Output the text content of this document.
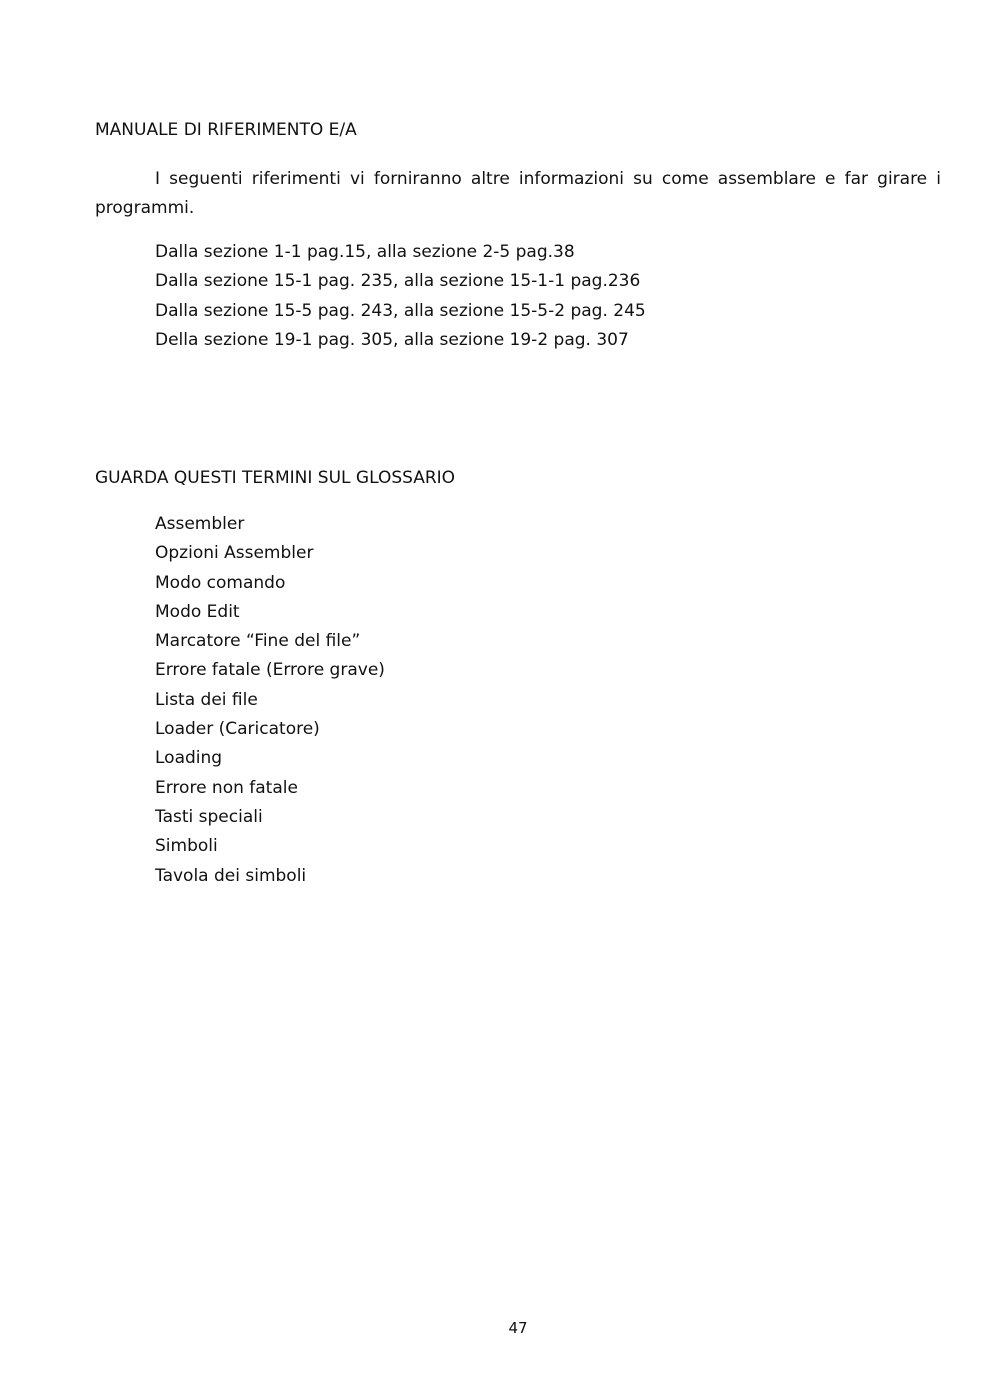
MANUALE DI RIFERIMENTO E/A

I seguenti riferimenti vi forniranno altre informazioni su come assemblare e far girare i programmi.

Dalla sezione 1-1 pag.15, alla sezione 2-5 pag.38
Dalla sezione 15-1 pag. 235, alla sezione 15-1-1 pag.236
Dalla sezione 15-5 pag. 243, alla sezione 15-5-2 pag. 245
Della sezione 19-1 pag. 305, alla sezione 19-2 pag. 307
GUARDA QUESTI TERMINI SUL GLOSSARIO
Assembler
Opzioni Assembler
Modo comando
Modo Edit
Marcatore “Fine del file”
Errore fatale (Errore grave)
Lista dei file
Loader (Caricatore)
Loading
Errore non fatale
Tasti speciali
Simboli
Tavola dei simboli
47
